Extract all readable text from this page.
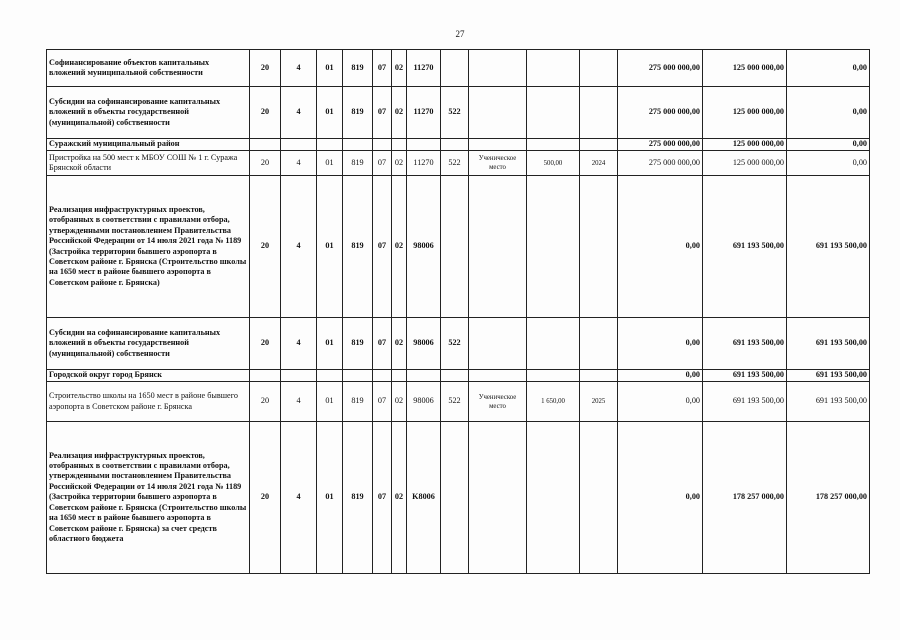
27
Софинансирование объектов капитальных вложений муниципальной собственности	20	4	01	819	07	02	11270					275 000 000,00	125 000 000,00	0,00
Субсидии на софинансирование капитальных вложений в объекты государственной (муниципальной) собственности	20	4	01	819	07	02	11270	522				275 000 000,00	125 000 000,00	0,00
Суражский муниципальный район												275 000 000,00	125 000 000,00	0,00
Пристройка на 500 мест к МБОУ СОШ № 1 г. Суража Брянской области	20	4	01	819	07	02	11270	522	Ученическое место	500,00	2024	275 000 000,00	125 000 000,00	0,00
Реализация инфраструктурных проектов, отобранных в соответствии с правилами отбора, утвержденными постановлением Правительства Российской Федерации от 14 июля 2021 года № 1189 (Застройка территории бывшего аэропорта в Советском районе г. Брянска (Строительство школы на 1650 мест в районе бывшего аэропорта в Советском районе г. Брянска)	20	4	01	819	07	02	98006					0,00	691 193 500,00	691 193 500,00
Субсидии на софинансирование капитальных вложений в объекты государственной (муниципальной) собственности	20	4	01	819	07	02	98006	522				0,00	691 193 500,00	691 193 500,00
Городской округ город Брянск												0,00	691 193 500,00	691 193 500,00
Строительство школы на 1650 мест в районе бывшего аэропорта в Советском районе г. Брянска	20	4	01	819	07	02	98006	522	Ученическое место	1 650,00	2025	0,00	691 193 500,00	691 193 500,00
Реализация инфраструктурных проектов, отобранных в соответствии с правилами отбора, утвержденными постановлением Правительства Российской Федерации от 14 июля 2021 года № 1189 (Застройка территории бывшего аэропорта в Советском районе г. Брянска (Строительство школы на 1650 мест в районе бывшего аэропорта в Советском районе г. Брянска) за счет средств областного бюджета	20	4	01	819	07	02	K8006					0,00	178 257 000,00	178 257 000,00
